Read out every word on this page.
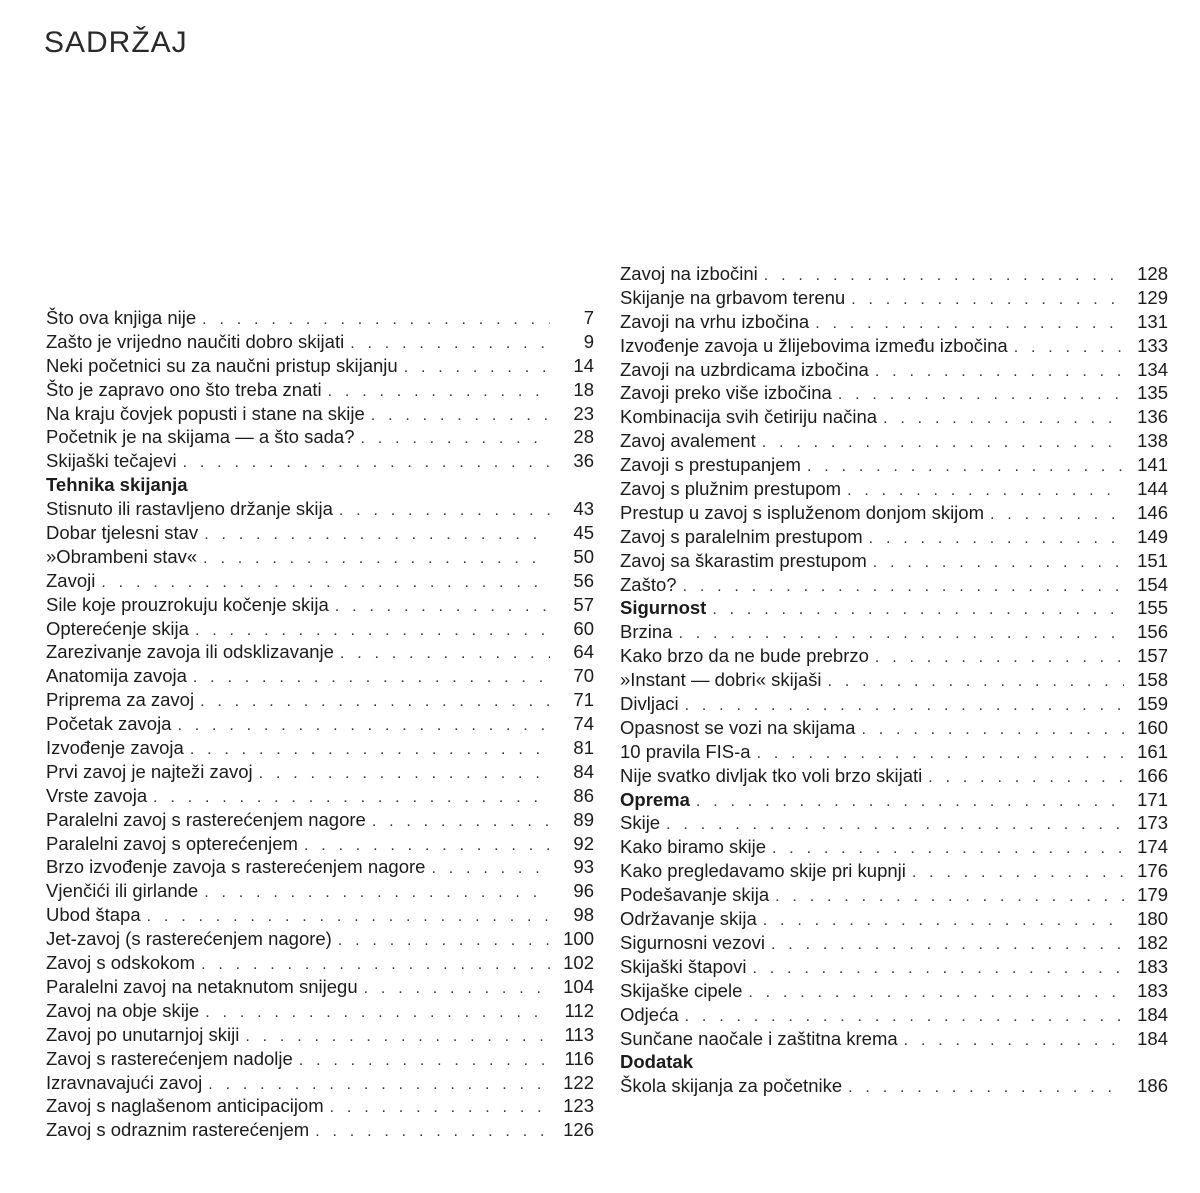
SADRŽAJ
Što ova knjiga nije . . .	7
Zašto je vrijedno naučiti dobro skijati . . .	9
Neki početnici su za naučni pristup skijanju . . .	14
Što je zapravo ono što treba znati . . .	18
Na kraju čovjek popusti i stane na skije . . .	23
Početnik je na skijama — a što sada? . . .	28
Skijaški tečajevi . . .	36
Tehnika skijanja
Stisnuto ili rastavljeno držanje skija . . .	43
Dobar tjelesni stav . . .	45
»Obrambeni stav« . . .	50
Zavoji . . .	56
Sile koje prouzrokuju kočenje skija . . .	57
Opterećenje skija . . .	60
Zarezivanje zavoja ili odsklizavanje . . .	64
Anatomija zavoja . . .	70
Priprema za zavoj . . .	71
Početak zavoja . . .	74
Izvođenje zavoja . . .	81
Prvi zavoj je najteži zavoj . . .	84
Vrste zavoja . . .	86
Paralelni zavoj s rasterećenjem nagore . . .	89
Paralelni zavoj s opterećenjem . . .	92
Brzo izvođenje zavoja s rasterećenjem nagore . . .	93
Vjenčići ili girlande . . .	96
Ubod štapa . . .	98
Jet-zavoj (s rasterećenjem nagore) . . .	100
Zavoj s odskokom . . .	102
Paralelni zavoj na netaknutom snijegu . . .	104
Zavoj na obje skije . . .	112
Zavoj po unutarnjoj skiji . . .	113
Zavoj s rasterećenjem nadolje . . .	116
Izravnavajući zavoj . . .	122
Zavoj s naglašenom anticipacijom . . .	123
Zavoj s odraznim rasterećenjem . . .	126
Zavoj na izbočini . . .	128
Skijanje na grbavom terenu . . .	129
Zavoji na vrhu izbočina . . .	131
Izvođenje zavoja u žlijebovima između izbočina . . .	133
Zavoji na uzbrdicama izbočina . . .	134
Zavoji preko više izbočina . . .	135
Kombinacija svih četiriju načina . . .	136
Zavoj avalement . . .	138
Zavoji s prestupanjem . . .	141
Zavoj s plužnim prestupom . . .	144
Prestup u zavoj s ispluženom donjom skijom . . .	146
Zavoj s paralelnim prestupom . . .	149
Zavoj sa škarastim prestupom . . .	151
Zašto? . . .	154
Sigurnost . . .	155
Brzina . . .	156
Kako brzo da ne bude prebrzo . . .	157
»Instant — dobri« skijaši . . .	158
Divljaci . . .	159
Opasnost se vozi na skijama . . .	160
10 pravila FIS-a . . .	161
Nije svatko divljak tko voli brzo skijati . . .	166
Oprema . . .	171
Skije . . .	173
Kako biramo skije . . .	174
Kako pregledavamo skije pri kupnji . . .	176
Podešavanje skija . . .	179
Održavanje skija . . .	180
Sigurnosni vezovi . . .	182
Skijaški štapovi . . .	183
Skijaške cipele . . .	183
Odjeća . . .	184
Sunčane naočale i zaštitna krema . . .	184
Dodatak
Škola skijanja za početnike . . .	186
